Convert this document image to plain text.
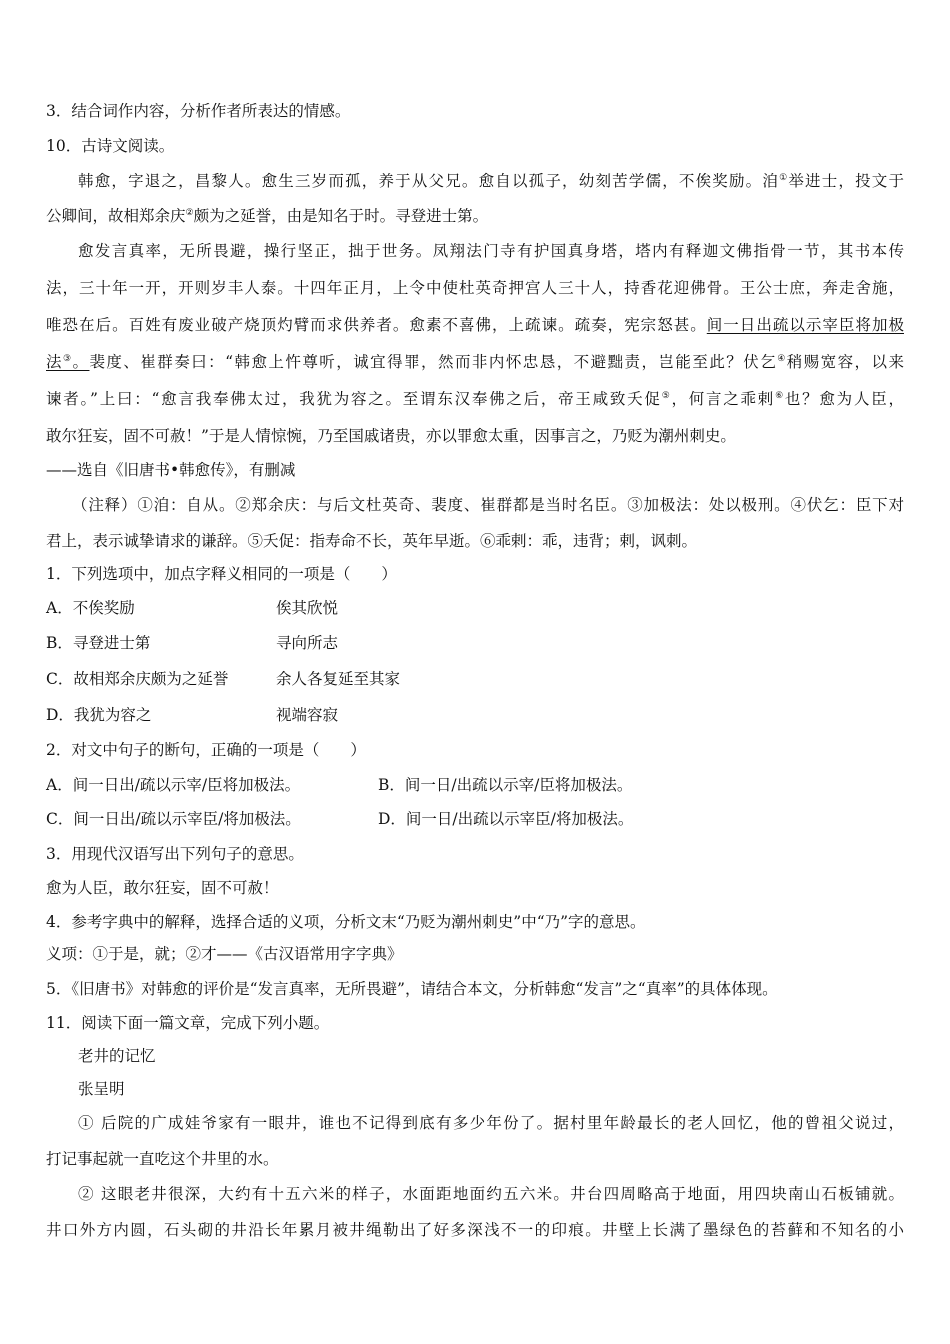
3．结合词作内容，分析作者所表达的情感。
10．古诗文阅读。
韩愈，字退之，昌黎人。愈生三岁而孤，养于从父兄。愈自以孤子，幼刻苦学儒，不俟奖励。洎①举进士，投文于
公卿间，故相郑余庆②颇为之延誉，由是知名于时。寻登进士第。
愈发言真率，无所畏避，操行坚正，拙于世务。凤翔法门寺有护国真身塔，塔内有释迦文佛指骨一节，其书本传
法，三十年一开，开则岁丰人泰。十四年正月，上令中使杜英奇押宫人三十人，持香花迎佛骨。王公士庶，奔走舍施，
唯恐在后。百姓有废业破产烧顶灼臂而求供养者。愈素不喜佛，上疏谏。疏奏，宪宗怒甚。间一日出疏以示宰臣将加极
法③。裴度、崔群奏曰：“韩愈上忤尊听，诚宜得罪，然而非内怀忠恳，不避黜责，岂能至此？伏乞④稍赐宽容，以来
谏者。”上曰：“愈言我奉佛太过，我犹为容之。至谓东汉奉佛之后，帝王咸致夭促⑤，何言之乖剌⑥也？愈为人臣，
敢尔狂妄，固不可赦！”于是人情惊惋，乃至国戚诸贵，亦以罪愈太重，因事言之，乃贬为潮州刺史。
——选自《旧唐书•韩愈传》，有删减
（注释）①洎：自从。②郑余庆：与后文杜英奇、裴度、崔群都是当时名臣。③加极法：处以极刑。④伏乞：臣下对
君上，表示诚挚请求的谦辞。⑤夭促：指寿命不长，英年早逝。⑥乖剌：乖，违背；剌，讽刺。
1．下列选项中，加点字释义相同的一项是（　　）
A．不俟奖励	俟其欣悦
B．寻登进士第	寻向所志
C．故相郑余庆颇为之延誉	余人各复延至其家
D．我犹为容之	视端容寂
2．对文中句子的断句，正确的一项是（　　）
A．间一日出/疏以示宰/臣将加极法。	B．间一日/出疏以示宰/臣将加极法。
C．间一日出/疏以示宰臣/将加极法。	D．间一日/出疏以示宰臣/将加极法。
3．用现代汉语写出下列句子的意思。
愈为人臣，敢尔狂妄，固不可赦！
4．参考字典中的解释，选择合适的义项，分析文末“乃贬为潮州刺史”中“乃”字的意思。
义项：①于是，就；②才——《古汉语常用字字典》
5．《旧唐书》对韩愈的评价是“发言真率，无所畏避”，请结合本文，分析韩愈“发言”之“真率”的具体体现。
11．阅读下面一篇文章，完成下列小题。
老井的记忆
张呈明
① 后院的广成娃爷家有一眼井，谁也不记得到底有多少年份了。据村里年龄最长的老人回忆，他的曾祖父说过，
打记事起就一直吃这个井里的水。
② 这眼老井很深，大约有十五六米的样子，水面距地面约五六米。井台四周略高于地面，用四块南山石板铺就。
井口外方内圆，石头砌的井沿长年累月被井绳勒出了好多深浅不一的印痕。井壁上长满了墨绿色的苔藓和不知名的小
